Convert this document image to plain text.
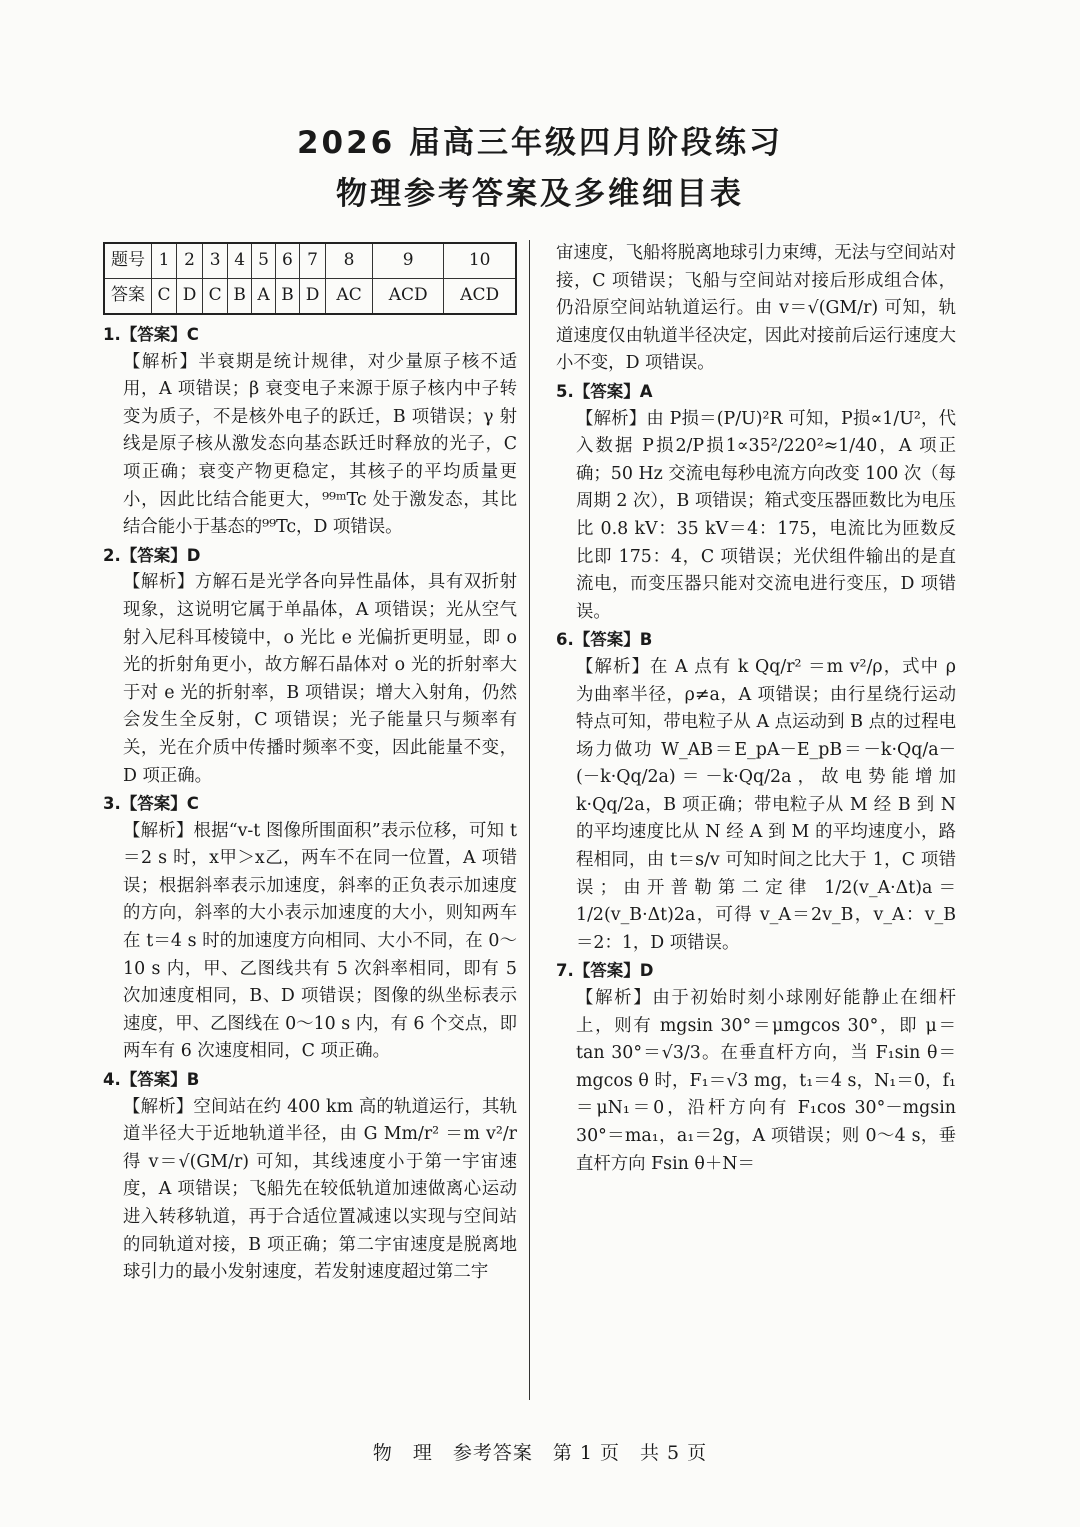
2026 届高三年级四月阶段练习
物理参考答案及多维细目表
题号	1	2	3	4	5	6	7	8	9	10
答案	C	D	C	B	A	B	D	AC	ACD	ACD

1.【答案】C

【解析】半衰期是统计规律，对少量原子核不适用，A 项错误；β 衰变电子来源于原子核内中子转变为质子，不是核外电子的跃迁，B 项错误；γ 射线是原子核从激发态向基态跃迁时释放的光子，C 项正确；衰变产物更稳定，其核子的平均质量更小，因此比结合能更大，⁹⁹ᵐTc 处于激发态，其比结合能小于基态的⁹⁹Tc，D 项错误。

2.【答案】D

【解析】方解石是光学各向异性晶体，具有双折射现象，这说明它属于单晶体，A 项错误；光从空气射入尼科耳棱镜中，o 光比 e 光偏折更明显，即 o 光的折射角更小，故方解石晶体对 o 光的折射率大于对 e 光的折射率，B 项错误；增大入射角，仍然会发生全反射，C 项错误；光子能量只与频率有关，光在介质中传播时频率不变，因此能量不变，D 项正确。

3.【答案】C

【解析】根据“v-t 图像所围面积”表示位移，可知 t＝2 s 时，x甲＞x乙，两车不在同一位置，A 项错误；根据斜率表示加速度，斜率的正负表示加速度的方向，斜率的大小表示加速度的大小，则知两车在 t＝4 s 时的加速度方向相同、大小不同，在 0～10 s 内，甲、乙图线共有 5 次斜率相同，即有 5 次加速度相同，B、D 项错误；图像的纵坐标表示速度，甲、乙图线在 0～10 s 内，有 6 个交点，即两车有 6 次速度相同，C 项正确。

4.【答案】B

【解析】空间站在约 400 km 高的轨道运行，其轨道半径大于近地轨道半径，由 G Mm/r² ＝m v²/r 得 v＝√(GM/r) 可知，其线速度小于第一宇宙速度，A 项错误；飞船先在较低轨道加速做离心运动进入转移轨道，再于合适位置减速以实现与空间站的同轨道对接，B 项正确；第二宇宙速度是脱离地球引力的最小发射速度，若发射速度超过第二宇

宙速度，飞船将脱离地球引力束缚，无法与空间站对接，C 项错误；飞船与空间站对接后形成组合体，仍沿原空间站轨道运行。由 v＝√(GM/r) 可知，轨道速度仅由轨道半径决定，因此对接前后运行速度大小不变，D 项错误。

5.【答案】A

【解析】由 P损＝(P/U)²R 可知，P损∝1/U²，代入数据 P损2/P损1∝35²/220²≈1/40，A 项正确；50 Hz 交流电每秒电流方向改变 100 次（每周期 2 次），B 项错误；箱式变压器匝数比为电压比 0.8 kV：35 kV＝4：175，电流比为匝数反比即 175：4，C 项错误；光伏组件输出的是直流电，而变压器只能对交流电进行变压，D 项错误。

6.【答案】B

【解析】在 A 点有 k Qq/r² ＝m v²/ρ，式中 ρ 为曲率半径，ρ≠a，A 项错误；由行星绕行运动特点可知，带电粒子从 A 点运动到 B 点的过程电场力做功 W_AB＝E_pA－E_pB＝－k·Qq/a－(－k·Qq/2a)＝－k·Qq/2a，故电势能增加 k·Qq/2a，B 项正确；带电粒子从 M 经 B 到 N 的平均速度比从 N 经 A 到 M 的平均速度小，路程相同，由 t＝s/v 可知时间之比大于 1，C 项错误；由开普勒第二定律 1/2(v_A·Δt)a＝1/2(v_B·Δt)2a，可得 v_A＝2v_B，v_A：v_B＝2：1，D 项错误。

7.【答案】D

【解析】由于初始时刻小球刚好能静止在细杆上，则有 mgsin 30°＝μmgcos 30°，即 μ＝tan 30°＝√3/3。在垂直杆方向，当 F₁sin θ＝mgcos θ 时，F₁＝√3 mg，t₁＝4 s，N₁＝0，f₁＝μN₁＝0，沿杆方向有 F₁cos 30°－mgsin 30°＝ma₁，a₁＝2g，A 项错误；则 0～4 s，垂直杆方向 Fsin θ＋N＝

物　理　参考答案　第 1 页　共 5 页
